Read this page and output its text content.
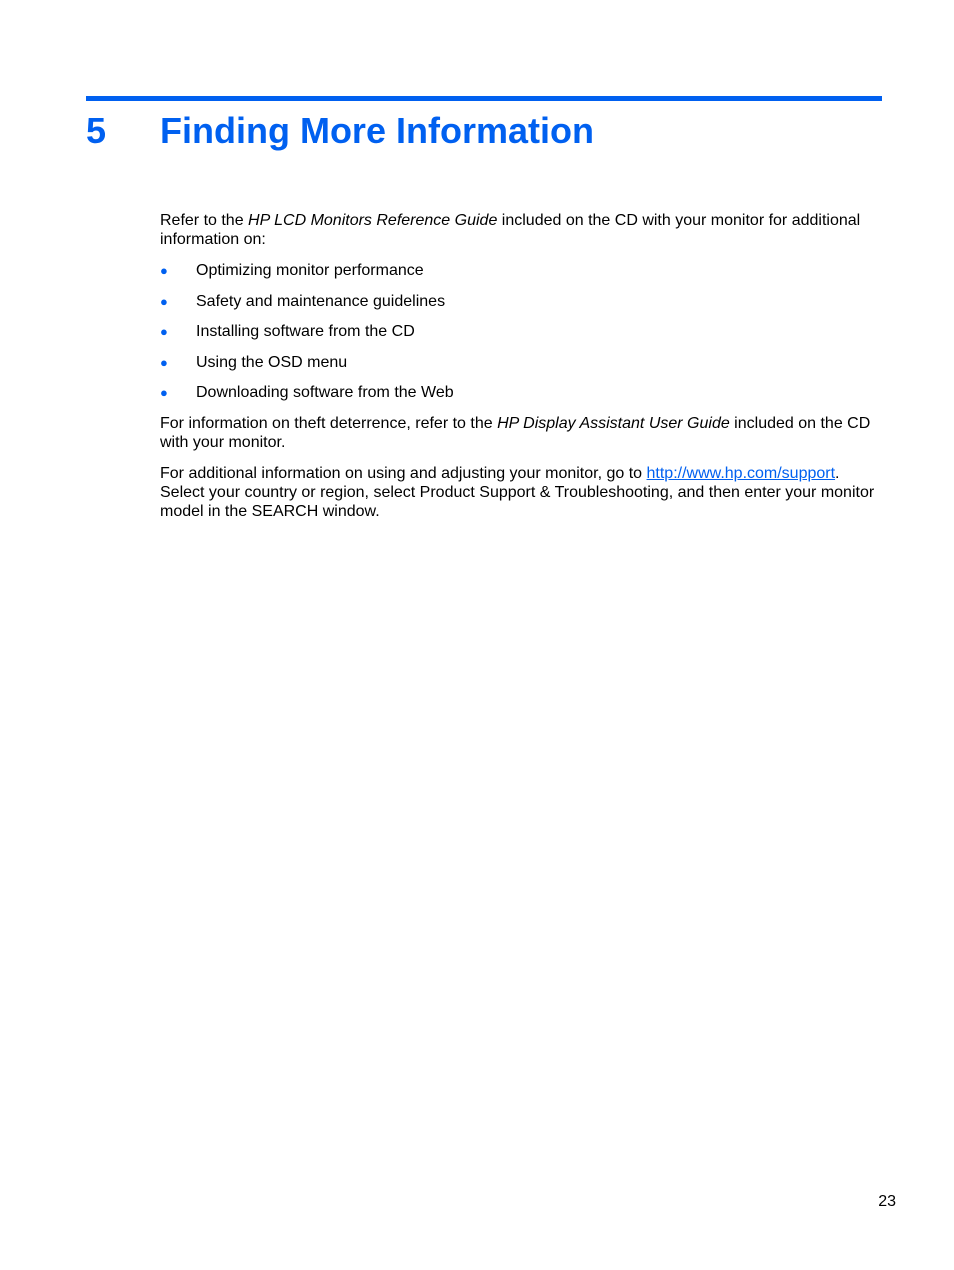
5	Finding More Information

Refer to the HP LCD Monitors Reference Guide included on the CD with your monitor for additional information on:

● Optimizing monitor performance
● Safety and maintenance guidelines
● Installing software from the CD
● Using the OSD menu
● Downloading software from the Web

For information on theft deterrence, refer to the HP Display Assistant User Guide included on the CD with your monitor.

For additional information on using and adjusting your monitor, go to http://www.hp.com/support. Select your country or region, select Product Support & Troubleshooting, and then enter your monitor model in the SEARCH window.

23
